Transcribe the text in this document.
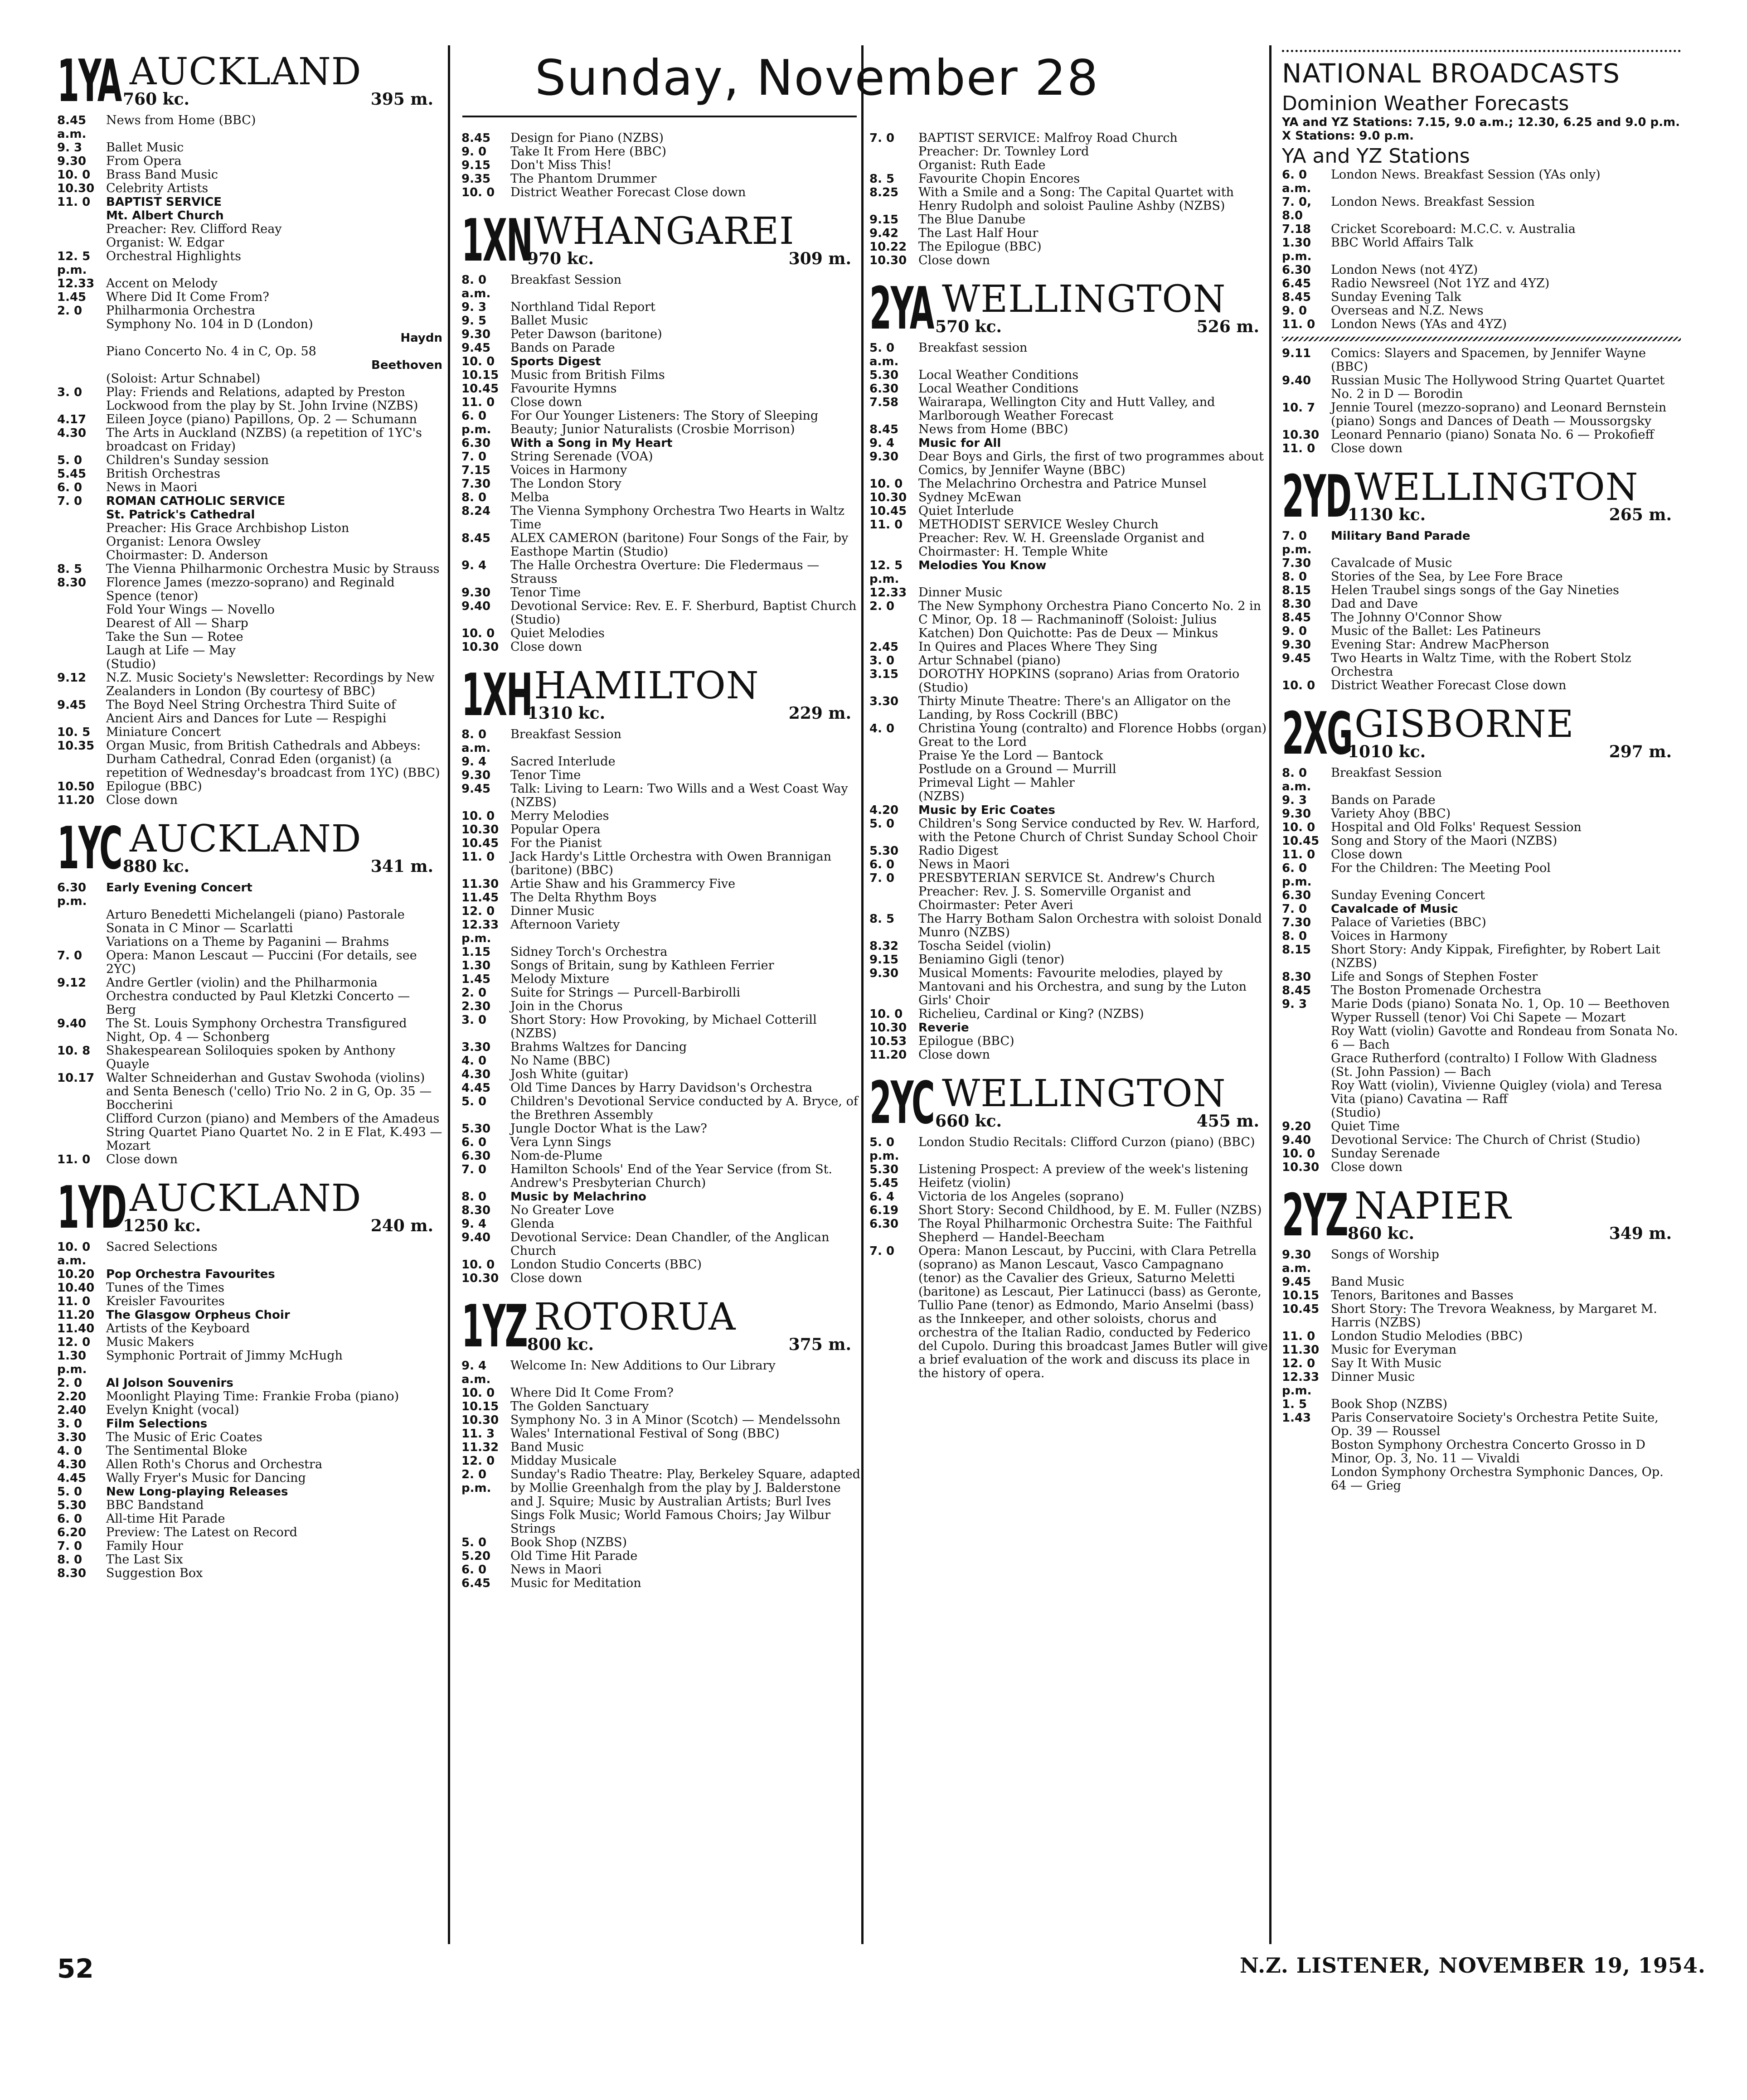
Sunday, November 28
1YA AUCKLAND
760 kc.	395 m.
8.45 a.m.
News from Home (BBC)
9. 3	Ballet Music
9.30	From Opera
10. 0	Brass Band Music
10.30 Celebrity Artists
11. 0	BAPTIST SERVICE
Mt. Albert Church
Preacher: Rev. Clifford Reay
Organist: W. Edgar
12. 5 p.m.
Orchestral Highlights
12.33 Accent on Melody
1.45	Where Did It Come From?
2. 0	Philharmonia Orchestra
Symphony No. 104 in D (London)
Haydn
Piano Concerto No. 4 in C, Op. 58
Beethoven
(Soloist: Artur Schnabel)
3. 0	Play: Friends and Relations, adapted by Preston Lockwood from the play by St. John Irvine (NZBS)
4.17	Eileen Joyce (piano) Papillons, Op. 2 — Schumann
4.30	The Arts in Auckland (NZBS) (a repetition of 1YC's broadcast on Friday)
5. 0	Children's Sunday session
5.45	British Orchestras
6. 0	News in Maori
7. 0	ROMAN CATHOLIC SERVICE
St. Patrick's Cathedral
Preacher: His Grace Archbishop Liston
Organist: Lenora Owsley
Choirmaster: D. Anderson
8. 5	The Vienna Philharmonic Orchestra Music by Strauss
8.30	Florence James (mezzo-soprano) and Reginald Spence (tenor)
Fold Your Wings — Novello
Dearest of All — Sharp
Take the Sun — Rotee
Laugh at Life — May
(Studio)
9.12	N.Z. Music Society's Newsletter: Recordings by New Zealanders in London (By courtesy of BBC)
9.45	The Boyd Neel String Orchestra Third Suite of Ancient Airs and Dances for Lute — Respighi
10. 5	Miniature Concert
10.35 Organ Music, from British Cathedrals and Abbeys: Durham Cathedral, Conrad Eden (organist) (a repetition of Wednesday's broadcast from 1YC) (BBC)
10.50 Epilogue (BBC)
11.20 Close down
1YC AUCKLAND
880 kc.	341 m.
6.30 p.m.
Early Evening Concert
Arturo Benedetti Michelangeli (piano) Pastorale
Sonata in C Minor — Scarlatti
Variations on a Theme by Paganini — Brahms
7. 0	Opera: Manon Lescaut — Puccini (For details, see 2YC)
9.12	Andre Gertler (violin) and the Philharmonia Orchestra conducted by Paul Kletzki Concerto — Berg
9.40	The St. Louis Symphony Orchestra Transfigured Night, Op. 4 — Schonberg
10. 8	Shakespearean Soliloquies spoken by Anthony Quayle
10.17 Walter Schneiderhan and Gustav Swohoda (violins) and Senta Benesch ('cello) Trio No. 2 in G, Op. 35 — Boccherini
Clifford Curzon (piano) and Members of the Amadeus String Quartet Piano Quartet No. 2 in E Flat, K.493 — Mozart
11. 0	Close down
1YD AUCKLAND
1250 kc.	240 m.
10. 0 a.m.
Sacred Selections
10.20 Pop Orchestra Favourites
10.40 Tunes of the Times
11. 0	Kreisler Favourites
11.20 The Glasgow Orpheus Choir
11.40 Artists of the Keyboard
12. 0	Music Makers
1.30 p.m.
Symphonic Portrait of Jimmy McHugh
2. 0	Al Jolson Souvenirs
2.20	Moonlight Playing Time: Frankie Froba (piano)
2.40	Evelyn Knight (vocal)
3. 0	Film Selections
3.30	The Music of Eric Coates
4. 0	The Sentimental Bloke
4.30	Allen Roth's Chorus and Orchestra
4.45	Wally Fryer's Music for Dancing
5. 0	New Long-playing Releases
5.30	BBC Bandstand
6. 0	All-time Hit Parade
6.20	Preview: The Latest on Record
7. 0	Family Hour
8. 0	The Last Six
8.30	Suggestion Box
8.45	Design for Piano (NZBS)
9. 0	Take It From Here (BBC)
9.15	Don't Miss This!
9.35	The Phantom Drummer
10. 0	District Weather Forecast Close down
1XN WHANGAREI
970 kc.	309 m.
8. 0 a.m.
Breakfast Session
9. 3	Northland Tidal Report
9. 5	Ballet Music
9.30	Peter Dawson (baritone)
9.45	Bands on Parade
10. 0	Sports Digest
10.15 Music from British Films
10.45 Favourite Hymns
11. 0	Close down
6. 0 p.m.
For Our Younger Listeners: The Story of Sleeping Beauty; Junior Naturalists (Crosbie Morrison)
6.30	With a Song in My Heart
7. 0	String Serenade (VOA)
7.15	Voices in Harmony
7.30	The London Story
8. 0	Melba
8.24	The Vienna Symphony Orchestra Two Hearts in Waltz Time
8.45	ALEX CAMERON (baritone) Four Songs of the Fair, by Easthope Martin (Studio)
9. 4	The Halle Orchestra Overture: Die Fledermaus — Strauss
9.30	Tenor Time
9.40	Devotional Service: Rev. E. F. Sherburd, Baptist Church (Studio)
10. 0	Quiet Melodies
10.30 Close down
1XH HAMILTON
1310 kc.	229 m.
8. 0 a.m.
Breakfast Session
9. 4	Sacred Interlude
9.30	Tenor Time
9.45	Talk: Living to Learn: Two Wills and a West Coast Way (NZBS)
10. 0	Merry Melodies
10.30 Popular Opera
10.45 For the Pianist
11. 0	Jack Hardy's Little Orchestra with Owen Brannigan (baritone) (BBC)
11.30 Artie Shaw and his Grammercy Five
11.45 The Delta Rhythm Boys
12. 0	Dinner Music
12.33 p.m.
Afternoon Variety
1.15	Sidney Torch's Orchestra
1.30	Songs of Britain, sung by Kathleen Ferrier
1.45	Melody Mixture
2. 0	Suite for Strings — Purcell-Barbirolli
2.30	Join in the Chorus
3. 0	Short Story: How Provoking, by Michael Cotterill (NZBS)
3.30	Brahms Waltzes for Dancing
4. 0	No Name (BBC)
4.30	Josh White (guitar)
4.45	Old Time Dances by Harry Davidson's Orchestra
5. 0	Children's Devotional Service conducted by A. Bryce, of the Brethren Assembly
5.30	Jungle Doctor What is the Law?
6. 0	Vera Lynn Sings
6.30	Nom-de-Plume
7. 0	Hamilton Schools' End of the Year Service (from St. Andrew's Presbyterian Church)
8. 0	Music by Melachrino
8.30	No Greater Love
9. 4	Glenda
9.40	Devotional Service: Dean Chandler, of the Anglican Church
10. 0	London Studio Concerts (BBC)
10.30 Close down
1YZ ROTORUA
800 kc.	375 m.
9. 4 a.m.
Welcome In: New Additions to Our Library
10. 0	Where Did It Come From?
10.15 The Golden Sanctuary
10.30 Symphony No. 3 in A Minor (Scotch) — Mendelssohn
11. 3	Wales' International Festival of Song (BBC)
11.32 Band Music
12. 0	Midday Musicale
2. 0 p.m.
Sunday's Radio Theatre: Play, Berkeley Square, adapted by Mollie Greenhalgh from the play by J. Balderstone and J. Squire; Music by Australian Artists; Burl Ives Sings Folk Music; World Famous Choirs; Jay Wilbur Strings
5. 0	Book Shop (NZBS)
5.20	Old Time Hit Parade
6. 0	News in Maori
6.45	Music for Meditation
7. 0	BAPTIST SERVICE: Malfroy Road Church
Preacher: Dr. Townley Lord
Organist: Ruth Eade
8. 5	Favourite Chopin Encores
8.25	With a Smile and a Song: The Capital Quartet with Henry Rudolph and soloist Pauline Ashby (NZBS)
9.15	The Blue Danube
9.42	The Last Half Hour
10.22 The Epilogue (BBC)
10.30 Close down
2YA WELLINGTON
570 kc.	526 m.
5. 0 a.m.
Breakfast session
5.30	Local Weather Conditions
6.30	Local Weather Conditions
7.58	Wairarapa, Wellington City and Hutt Valley, and Marlborough Weather Forecast
8.45	News from Home (BBC)
9. 4	Music for All
9.30	Dear Boys and Girls, the first of two programmes about Comics, by Jennifer Wayne (BBC)
10. 0	The Melachrino Orchestra and Patrice Munsel
10.30 Sydney McEwan
10.45 Quiet Interlude
11. 0	METHODIST SERVICE Wesley Church
Preacher: Rev. W. H. Greenslade Organist and Choirmaster: H. Temple White
12. 5 p.m.
Melodies You Know
12.33 Dinner Music
2. 0	The New Symphony Orchestra Piano Concerto No. 2 in C Minor, Op. 18 — Rachmaninoff (Soloist: Julius Katchen) Don Quichotte: Pas de Deux — Minkus
2.45	In Quires and Places Where They Sing
3. 0	Artur Schnabel (piano)
3.15	DOROTHY HOPKINS (soprano) Arias from Oratorio (Studio)
3.30	Thirty Minute Theatre: There's an Alligator on the Landing, by Ross Cockrill (BBC)
4. 0	Christina Young (contralto) and Florence Hobbs (organ)
Great to the Lord
Praise Ye the Lord — Bantock
Postlude on a Ground — Murrill
Primeval Light — Mahler
(NZBS)
4.20	Music by Eric Coates
5. 0	Children's Song Service conducted by Rev. W. Harford, with the Petone Church of Christ Sunday School Choir
5.30	Radio Digest
6. 0	News in Maori
7. 0	PRESBYTERIAN SERVICE St. Andrew's Church
Preacher: Rev. J. S. Somerville Organist and Choirmaster: Peter Averi
8. 5	The Harry Botham Salon Orchestra with soloist Donald Munro (NZBS)
8.32	Toscha Seidel (violin)
9.15	Beniamino Gigli (tenor)
9.30	Musical Moments: Favourite melodies, played by Mantovani and his Orchestra, and sung by the Luton Girls' Choir
10. 0	Richelieu, Cardinal or King? (NZBS)
10.30 Reverie
10.53 Epilogue (BBC)
11.20 Close down
2YC WELLINGTON
660 kc.	455 m.
5. 0 p.m.
London Studio Recitals: Clifford Curzon (piano) (BBC)
5.30	Listening Prospect: A preview of the week's listening
5.45	Heifetz (violin)
6. 4	Victoria de los Angeles (soprano)
6.19	Short Story: Second Childhood, by E. M. Fuller (NZBS)
6.30	The Royal Philharmonic Orchestra Suite: The Faithful Shepherd — Handel-Beecham
7. 0	Opera: Manon Lescaut, by Puccini, with Clara Petrella (soprano) as Manon Lescaut, Vasco Campagnano (tenor) as the Cavalier des Grieux, Saturno Meletti (baritone) as Lescaut, Pier Latinucci (bass) as Geronte, Tullio Pane (tenor) as Edmondo, Mario Anselmi (bass) as the Innkeeper, and other soloists, chorus and orchestra of the Italian Radio, conducted by Federico del Cupolo. During this broadcast James Butler will give a brief evaluation of the work and discuss its place in the history of opera.
NATIONAL BROADCASTS
Dominion Weather Forecasts
YA and YZ Stations: 7.15, 9.0 a.m.; 12.30, 6.25 and 9.0 p.m.
X Stations: 9.0 p.m.
YA and YZ Stations
6. 0 a.m.
London News. Breakfast Session (YAs only)
7. 0, 8.0
London News. Breakfast Session
7.18	Cricket Scoreboard: M.C.C. v. Australia
1.30 p.m.
BBC World Affairs Talk
6.30	London News (not 4YZ)
6.45	Radio Newsreel (Not 1YZ and 4YZ)
8.45	Sunday Evening Talk
9. 0	Overseas and N.Z. News
11. 0	London News (YAs and 4YZ)
9.11	Comics: Slayers and Spacemen, by Jennifer Wayne (BBC)
9.40	Russian Music The Hollywood String Quartet Quartet No. 2 in D — Borodin
10. 7	Jennie Tourel (mezzo-soprano) and Leonard Bernstein (piano) Songs and Dances of Death — Moussorgsky
10.30 Leonard Pennario (piano) Sonata No. 6 — Prokofieff
11. 0	Close down
2YD WELLINGTON
1130 kc.	265 m.
7. 0 p.m.
Military Band Parade
7.30	Cavalcade of Music
8. 0	Stories of the Sea, by Lee Fore Brace
8.15	Helen Traubel sings songs of the Gay Nineties
8.30	Dad and Dave
8.45	The Johnny O'Connor Show
9. 0	Music of the Ballet: Les Patineurs
9.30	Evening Star: Andrew MacPherson
9.45	Two Hearts in Waltz Time, with the Robert Stolz Orchestra
10. 0	District Weather Forecast Close down
2XG GISBORNE
1010 kc.	297 m.
8. 0 a.m.
Breakfast Session
9. 3	Bands on Parade
9.30	Variety Ahoy (BBC)
10. 0	Hospital and Old Folks' Request Session
10.45 Song and Story of the Maori (NZBS)
11. 0	Close down
6. 0 p.m.
For the Children: The Meeting Pool
6.30	Sunday Evening Concert
7. 0	Cavalcade of Music
7.30	Palace of Varieties (BBC)
8. 0	Voices in Harmony
8.15	Short Story: Andy Kippak, Firefighter, by Robert Lait (NZBS)
8.30	Life and Songs of Stephen Foster
8.45	The Boston Promenade Orchestra
9. 3	Marie Dods (piano) Sonata No. 1, Op. 10 — Beethoven
Wyper Russell (tenor) Voi Chi Sapete — Mozart
Roy Watt (violin) Gavotte and Rondeau from Sonata No. 6 — Bach
Grace Rutherford (contralto) I Follow With Gladness (St. John Passion) — Bach
Roy Watt (violin), Vivienne Quigley (viola) and Teresa Vita (piano) Cavatina — Raff
(Studio)
9.20	Quiet Time
9.40	Devotional Service: The Church of Christ (Studio)
10. 0	Sunday Serenade
10.30 Close down
2YZ NAPIER
860 kc.	349 m.
9.30 a.m.
Songs of Worship
9.45	Band Music
10.15 Tenors, Baritones and Basses
10.45 Short Story: The Trevora Weakness, by Margaret M. Harris (NZBS)
11. 0	London Studio Melodies (BBC)
11.30 Music for Everyman
12. 0	Say It With Music
12.33 p.m.
Dinner Music
1. 5	Book Shop (NZBS)
1.43	Paris Conservatoire Society's Orchestra Petite Suite, Op. 39 — Roussel
Boston Symphony Orchestra Concerto Grosso in D Minor, Op. 3, No. 11 — Vivaldi
London Symphony Orchestra Symphonic Dances, Op. 64 — Grieg
52	N.Z. LISTENER, NOVEMBER 19, 1954.
